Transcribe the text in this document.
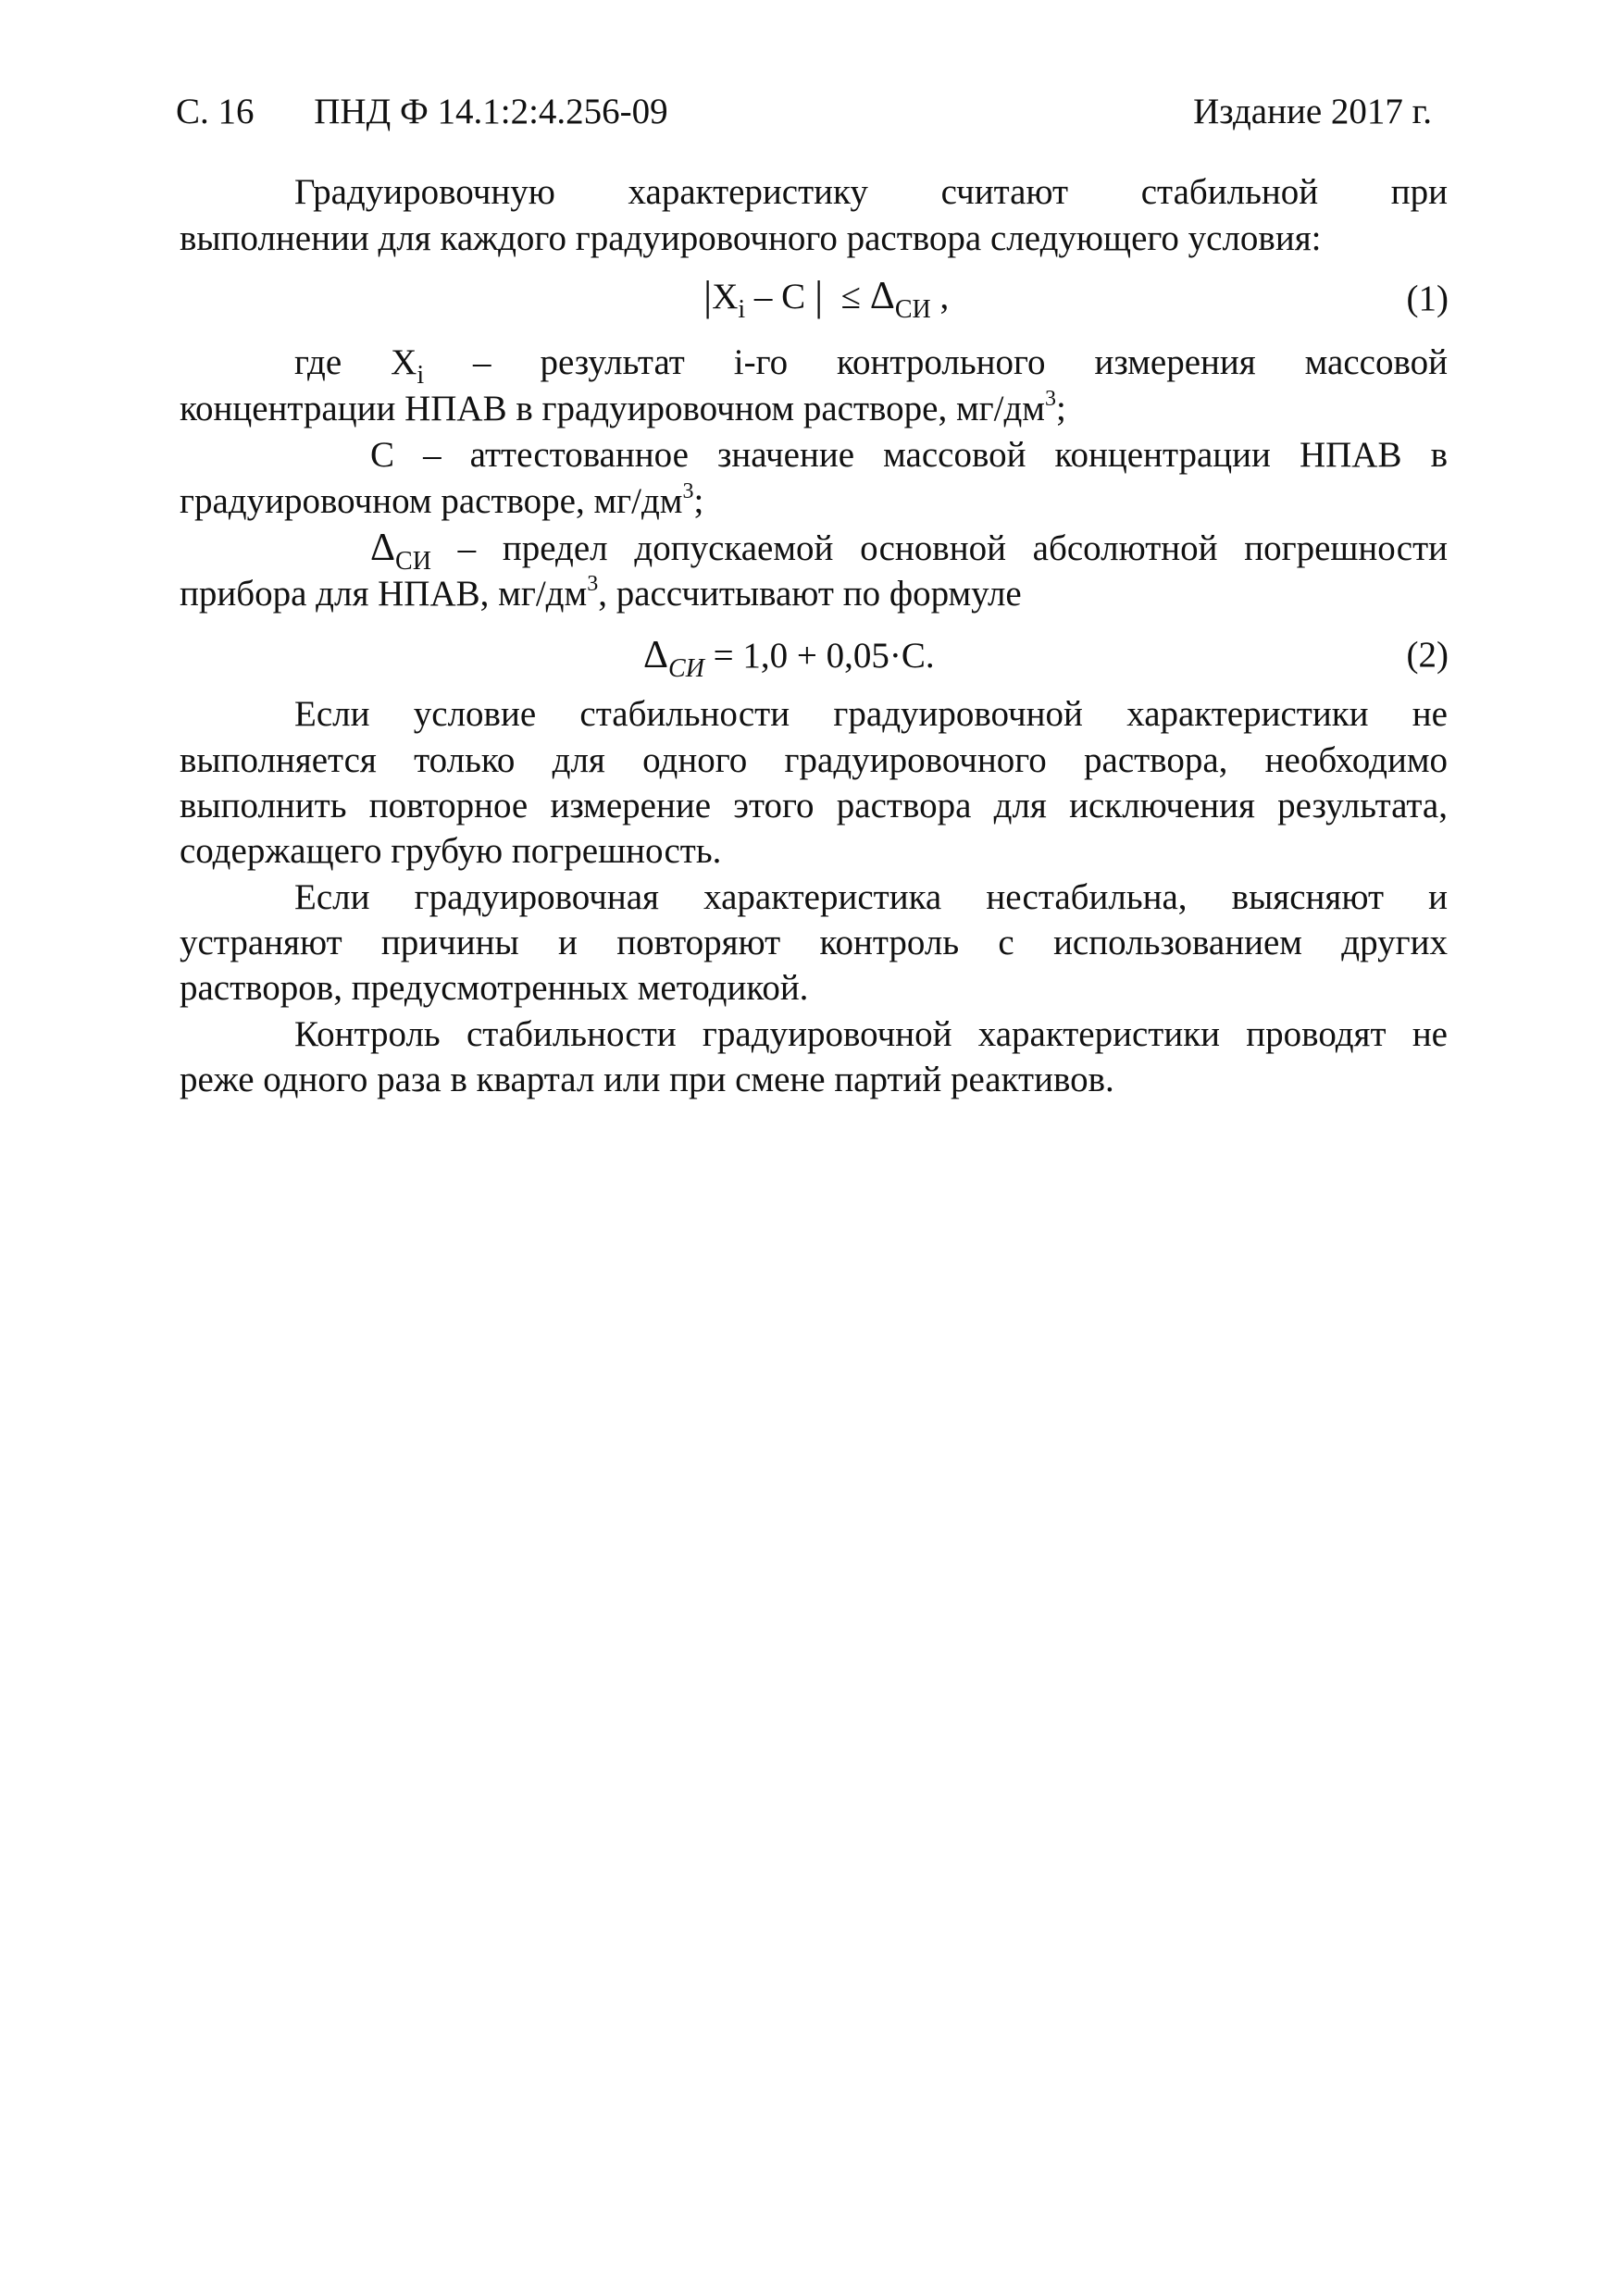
С. 16 ПНД Ф 14.1:2:4.256-09	Издание 2017 г.
Градуировочную характеристику считают стабильной при
выполнении для каждого градуировочного раствора следующего условия:
$|X_i$ – C | ≤ $\Delta_{СИ}$ ,	(1)
где $X_i$ – результат i-го контрольного измерения массовой
концентрации НПАВ в градуировочном растворе, $мг/дм^3$;
С – аттестованное значение массовой концентрации НПАВ в
градуировочном растворе, $мг/дм^3$;
$\Delta_{СИ}$ – предел допускаемой основной абсолютной погрешности
прибора для НПАВ, $мг/дм^3$, рассчитывают по формуле
$\Delta_{СИ} = 1,0 + 0,05\cdot С$.	(2)
Если условие стабильности градуировочной характеристики не
выполняется только для одного градуировочного раствора, необходимо
выполнить повторное измерение этого раствора для исключения результата,
содержащего грубую погрешность.
Если градуировочная характеристика нестабильна, выясняют и
устраняют причины и повторяют контроль с использованием других
растворов, предусмотренных методикой.
Контроль стабильности градуировочной характеристики проводят не
реже одного раза в квартал или при смене партий реактивов.
